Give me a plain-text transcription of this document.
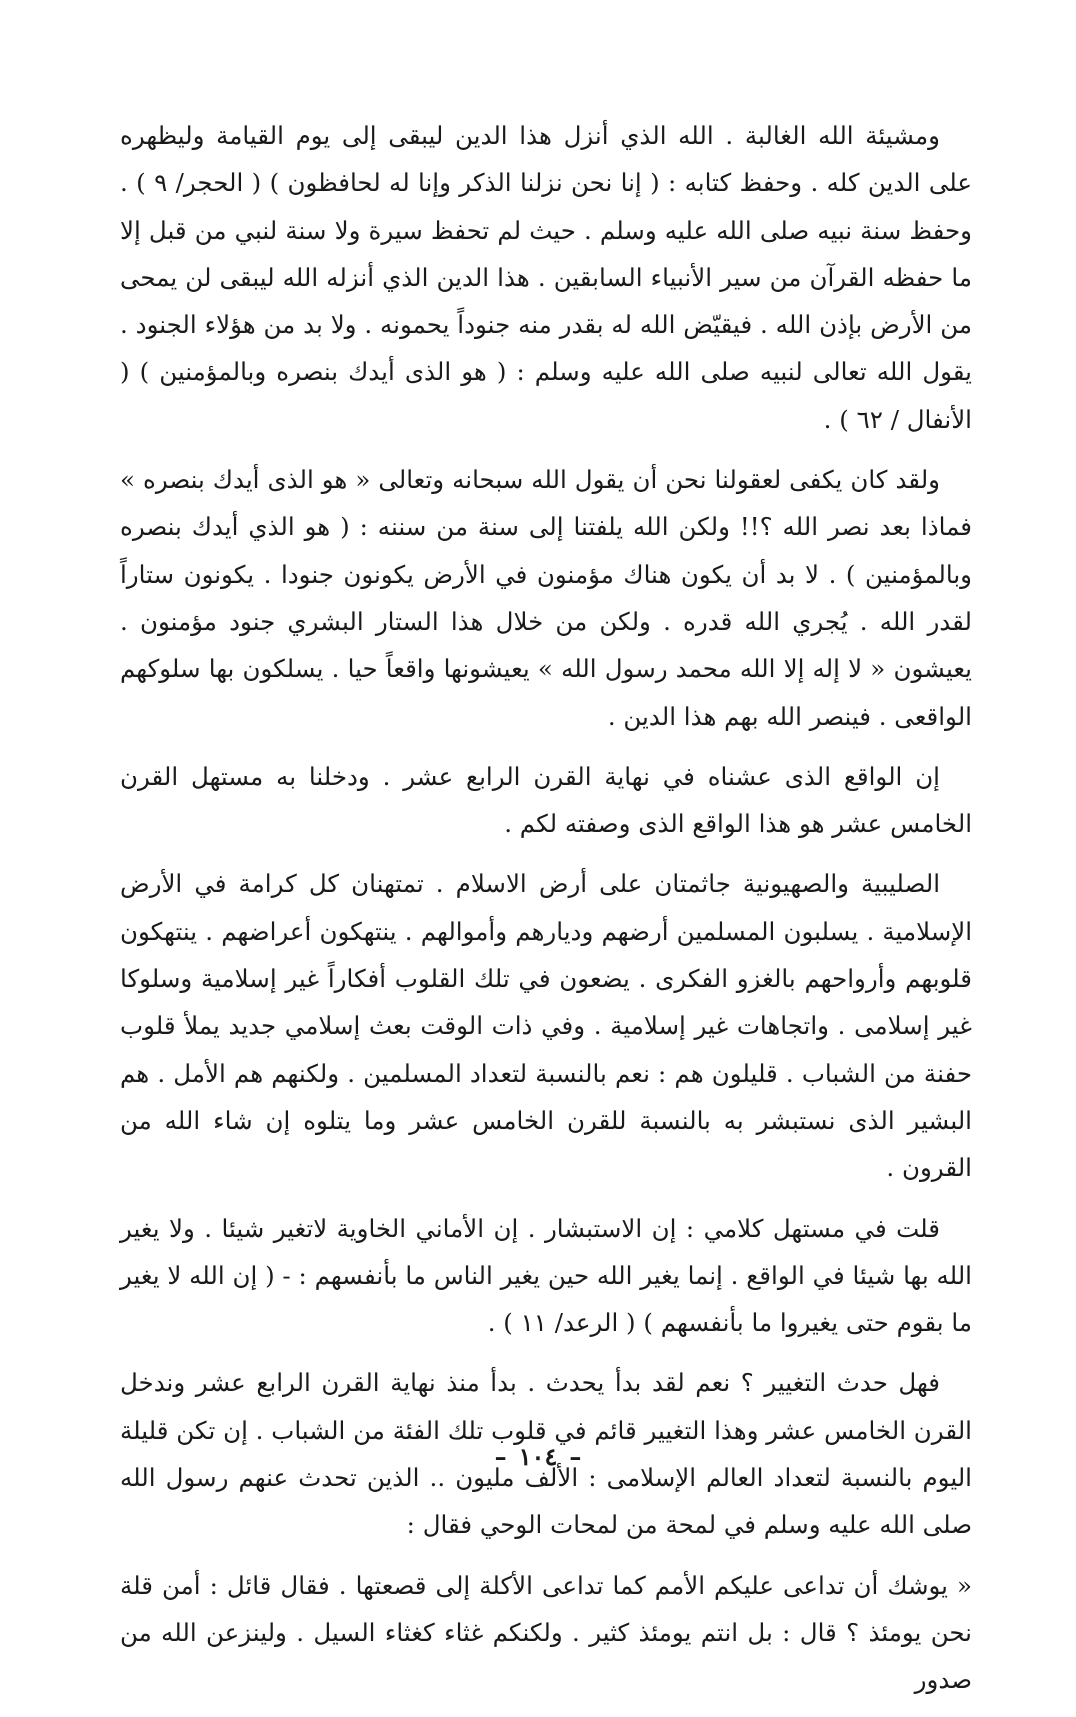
ومشيئة الله الغالبة . الله الذي أنزل هذا الدين ليبقى إلى يوم القيامة وليظهره على الدين كله . وحفظ كتابه : ( إنا نحن نزلنا الذكر وإنا له لحافظون ) ( الحجر/ ٩ ) . وحفظ سنة نبيه صلى الله عليه وسلم . حيث لم تحفظ سيرة ولا سنة لنبي من قبل إلا ما حفظه القرآن من سير الأنبياء السابقين . هذا الدين الذي أنزله الله ليبقى لن يمحى من الأرض بإذن الله . فيقيّض الله له بقدر منه جنوداً يحمونه . ولا بد من هؤلاء الجنود . يقول الله تعالى لنبيه صلى الله عليه وسلم : ( هو الذى أيدك بنصره وبالمؤمنين ) ( الأنفال / ٦٢ ) .

ولقد كان يكفى لعقولنا نحن أن يقول الله سبحانه وتعالى « هو الذى أيدك بنصره » فماذا بعد نصر الله ؟!! ولكن الله يلفتنا إلى سنة من سننه : ( هو الذي أيدك بنصره وبالمؤمنين ) . لا بد أن يكون هناك مؤمنون في الأرض يكونون جنودا . يكونون ستاراً لقدر الله . يُجري الله قدره . ولكن من خلال هذا الستار البشري جنود مؤمنون . يعيشون « لا إله إلا الله محمد رسول الله » يعيشونها واقعاً حيا . يسلكون بها سلوكهم الواقعى . فينصر الله بهم هذا الدين .

إن الواقع الذى عشناه في نهاية القرن الرابع عشر . ودخلنا به مستهل القرن الخامس عشر هو هذا الواقع الذى وصفته لكم .

الصليبية والصهيونية جاثمتان على أرض الاسلام . تمتهنان كل كرامة في الأرض الإسلامية . يسلبون المسلمين أرضهم وديارهم وأموالهم . ينتهكون أعراضهم . ينتهكون قلوبهم وأرواحهم بالغزو الفكرى . يضعون في تلك القلوب أفكاراً غير إسلامية وسلوكا غير إسلامى . واتجاهات غير إسلامية . وفي ذات الوقت بعث إسلامي جديد يملأ قلوب حفنة من الشباب . قليلون هم : نعم بالنسبة لتعداد المسلمين . ولكنهم هم الأمل . هم البشير الذى نستبشر به بالنسبة للقرن الخامس عشر وما يتلوه إن شاء الله من القرون .

قلت في مستهل كلامي : إن الاستبشار . إن الأماني الخاوية لاتغير شيئا . ولا يغير الله بها شيئا في الواقع . إنما يغير الله حين يغير الناس ما بأنفسهم : - ( إن الله لا يغير ما بقوم حتى يغيروا ما بأنفسهم ) ( الرعد/ ١١ ) .

فهل حدث التغيير ؟ نعم لقد بدأ يحدث . بدأ منذ نهاية القرن الرابع عشر وندخل القرن الخامس عشر وهذا التغيير قائم في قلوب تلك الفئة من الشباب . إن تكن قليلة اليوم بالنسبة لتعداد العالم الإسلامى : الألف مليون .. الذين تحدث عنهم رسول الله صلى الله عليه وسلم في لمحة من لمحات الوحي فقال :

« يوشك أن تداعى عليكم الأمم كما تداعى الأكلة إلى قصعتها . فقال قائل : أمن قلة نحن يومئذ ؟ قال : بل انتم يومئذ كثير . ولكنكم غثاء كغثاء السيل . ولينزعن الله من صدور

–١٠٤–
